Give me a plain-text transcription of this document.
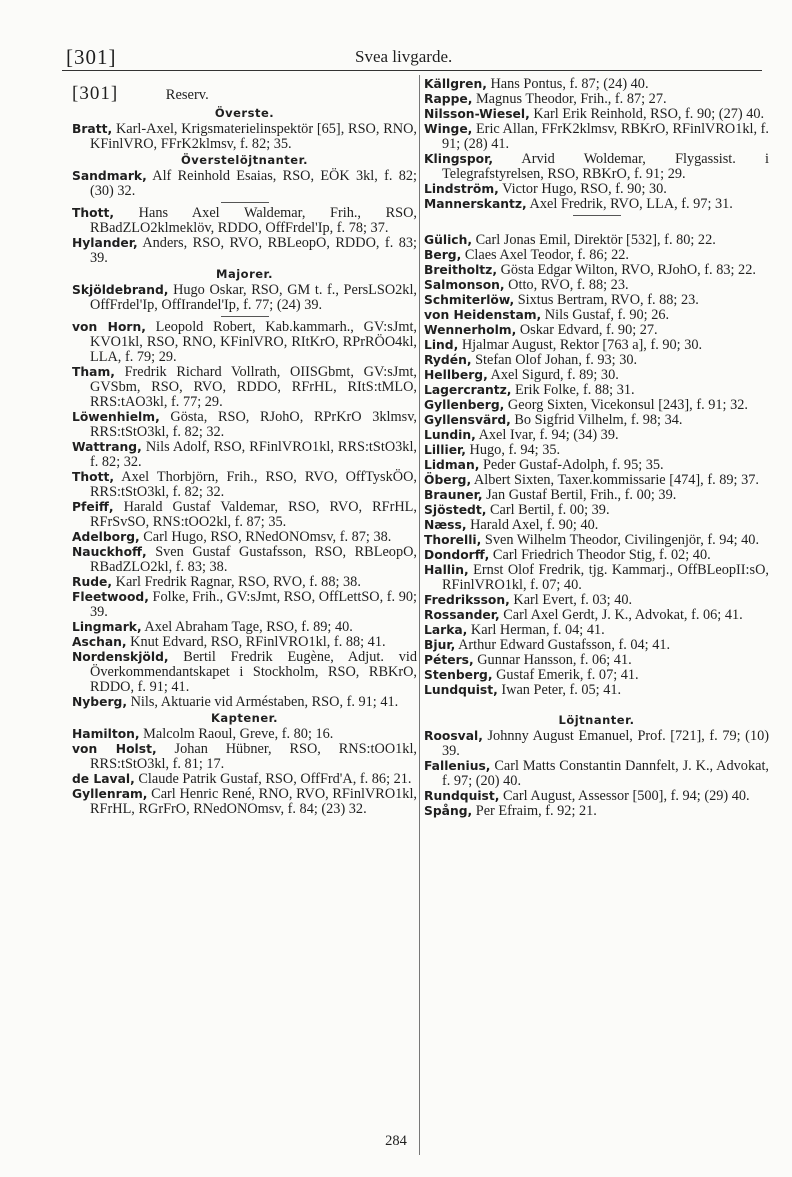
[301]	Svea livgarde.
[301]	Reserv.
Överste.
Bratt, Karl-Axel, Krigsmaterielinspektör [65], RSO, RNO, KFinlVRO, FFrK2klmsv, f. 82; 35.
Överstelöjtnanter.
Sandmark, Alf Reinhold Esaias, RSO, EÖK 3kl, f. 82; (30) 32.
Thott, Hans Axel Waldemar, Frih., RSO, RBadZLO2klmeklöv, RDDO, OffFrdel'Ip, f. 78; 37.
Hylander, Anders, RSO, RVO, RBLeopO, RDDO, f. 83; 39.
Majorer.
Skjöldebrand, Hugo Oskar, RSO, GM t. f., PersLSO2kl, OffFrdel'Ip, OffIrandel'Ip, f. 77; (24) 39.
von Horn, Leopold Robert, Kab.kammarh., GV:sJmt, KVO1kl, RSO, RNO, KFinlVRO, RItKrO, RPrRÖO4kl, LLA, f. 79; 29.
Tham, Fredrik Richard Vollrath, OIISGbmt, GV:sJmt, GVSbm, RSO, RVO, RDDO, RFrHL, RItS:tMLO, RRS:tAO3kl, f. 77; 29.
Löwenhielm, Gösta, RSO, RJohO, RPrKrO 3klmsv, RRS:tStO3kl, f. 82; 32.
Wattrang, Nils Adolf, RSO, RFinlVRO1kl, RRS:tStO3kl, f. 82; 32.
Thott, Axel Thorbjörn, Frih., RSO, RVO, OffTyskÖO, RRS:tStO3kl, f. 82; 32.
Pfeiff, Harald Gustaf Valdemar, RSO, RVO, RFrHL, RFrSvSO, RNS:tOO2kl, f. 87; 35.
Adelborg, Carl Hugo, RSO, RNedONOmsv, f. 87; 38.
Nauckhoff, Sven Gustaf Gustafsson, RSO, RBLeopO, RBadZLO2kl, f. 83; 38.
Rude, Karl Fredrik Ragnar, RSO, RVO, f. 88; 38.
Fleetwood, Folke, Frih., GV:sJmt, RSO, OffLettSO, f. 90; 39.
Lingmark, Axel Abraham Tage, RSO, f. 89; 40.
Aschan, Knut Edvard, RSO, RFinlVRO1kl, f. 88; 41.
Nordenskjöld, Bertil Fredrik Eugène, Adjut. vid Överkommendantskapet i Stockholm, RSO, RBKrO, RDDO, f. 91; 41.
Nyberg, Nils, Aktuarie vid Arméstaben, RSO, f. 91; 41.
Kaptener.
Hamilton, Malcolm Raoul, Greve, f. 80; 16.
von Holst, Johan Hübner, RSO, RNS:tOO1kl, RRS:tStO3kl, f. 81; 17.
de Laval, Claude Patrik Gustaf, RSO, OffFrd'A, f. 86; 21.
Gyllenram, Carl Henric René, RNO, RVO, RFinlVRO1kl, RFrHL, RGrFrO, RNedONOmsv, f. 84; (23) 32.
Källgren, Hans Pontus, f. 87; (24) 40.
Rappe, Magnus Theodor, Frih., f. 87; 27.
Nilsson-Wiesel, Karl Erik Reinhold, RSO, f. 90; (27) 40.
Winge, Eric Allan, FFrK2klmsv, RBKrO, RFinlVRO1kl, f. 91; (28) 41.
Klingspor, Arvid Woldemar, Flygassist. i Telegrafstyrelsen, RSO, RBKrO, f. 91; 29.
Lindström, Victor Hugo, RSO, f. 90; 30.
Mannerskantz, Axel Fredrik, RVO, LLA, f. 97; 31.
Gülich, Carl Jonas Emil, Direktör [532], f. 80; 22.
Berg, Claes Axel Teodor, f. 86; 22.
Breitholtz, Gösta Edgar Wilton, RVO, RJohO, f. 83; 22.
Salmonson, Otto, RVO, f. 88; 23.
Schmiterlöw, Sixtus Bertram, RVO, f. 88; 23.
von Heidenstam, Nils Gustaf, f. 90; 26.
Wennerholm, Oskar Edvard, f. 90; 27.
Lind, Hjalmar August, Rektor [763 a], f. 90; 30.
Rydén, Stefan Olof Johan, f. 93; 30.
Hellberg, Axel Sigurd, f. 89; 30.
Lagercrantz, Erik Folke, f. 88; 31.
Gyllenberg, Georg Sixten, Vicekonsul [243], f. 91; 32.
Gyllensvärd, Bo Sigfrid Vilhelm, f. 98; 34.
Lundin, Axel Ivar, f. 94; (34) 39.
Lillier, Hugo, f. 94; 35.
Lidman, Peder Gustaf-Adolph, f. 95; 35.
Öberg, Albert Sixten, Taxer.kommissarie [474], f. 89; 37.
Brauner, Jan Gustaf Bertil, Frih., f. 00; 39.
Sjöstedt, Carl Bertil, f. 00; 39.
Næss, Harald Axel, f. 90; 40.
Thorelli, Sven Wilhelm Theodor, Civilingenjör, f. 94; 40.
Dondorff, Carl Friedrich Theodor Stig, f. 02; 40.
Hallin, Ernst Olof Fredrik, tjg. Kammarj., OffBLeopII:sO, RFinlVRO1kl, f. 07; 40.
Fredriksson, Karl Evert, f. 03; 40.
Rossander, Carl Axel Gerdt, J. K., Advokat, f. 06; 41.
Larka, Karl Herman, f. 04; 41.
Bjur, Arthur Edward Gustafsson, f. 04; 41.
Péters, Gunnar Hansson, f. 06; 41.
Stenberg, Gustaf Emerik, f. 07; 41.
Lundquist, Iwan Peter, f. 05; 41.
Löjtnanter.
Roosval, Johnny August Emanuel, Prof. [721], f. 79; (10) 39.
Fallenius, Carl Matts Constantin Dannfelt, J. K., Advokat, f. 97; (20) 40.
Rundquist, Carl August, Assessor [500], f. 94; (29) 40.
Spång, Per Efraim, f. 92; 21.
284
